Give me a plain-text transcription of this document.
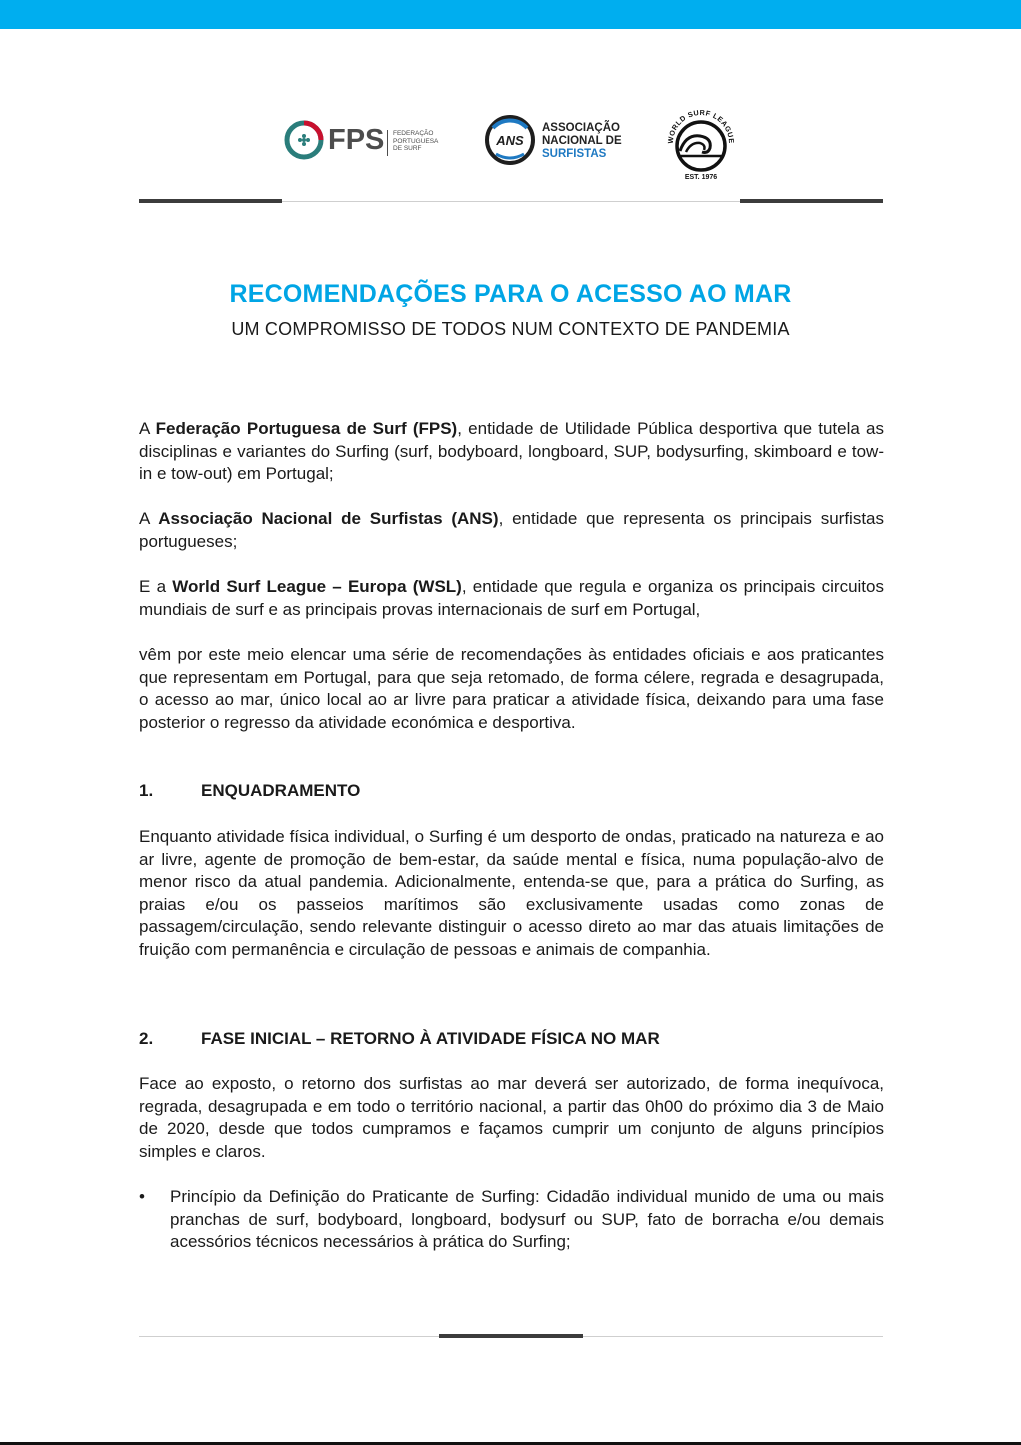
FPS FEDERAÇÃO
PORTUGUESA
DE SURF
ANS
ASSOCIAÇÃO
NACIONAL DE
SURFISTAS
WORLD SURF LEAGUE
EST. 1976
RECOMENDAÇÕES PARA O ACESSO AO MAR
UM COMPROMISSO DE TODOS NUM CONTEXTO DE PANDEMIA

A Federação Portuguesa de Surf (FPS), entidade de Utilidade Pública desportiva que tutela as disciplinas e variantes do Surfing (surf, bodyboard, longboard, SUP, bodysurfing, skimboard e tow-in e tow-out) em Portugal;

A Associação Nacional de Surfistas (ANS), entidade que representa os principais surfistas portugueses;

E a World Surf League – Europa (WSL), entidade que regula e organiza os principais circuitos mundiais de surf e as principais provas internacionais de surf em Portugal,

vêm por este meio elencar uma série de recomendações às entidades oficiais e aos praticantes que representam em Portugal, para que seja retomado, de forma célere, regrada e desagrupada, o acesso ao mar, único local ao ar livre para praticar a atividade física, deixando para uma fase posterior o regresso da atividade económica e desportiva.

1.	ENQUADRAMENTO

Enquanto atividade física individual, o Surfing é um desporto de ondas, praticado na natureza e ao ar livre, agente de promoção de bem-estar, da saúde mental e física, numa população-alvo de menor risco da atual pandemia. Adicionalmente, entenda-se que, para a prática do Surfing, as praias e/ou os passeios marítimos são exclusivamente usadas como zonas de passagem/circulação, sendo relevante distinguir o acesso direto ao mar das atuais limitações de fruição com permanência e circulação de pessoas e animais de companhia.

2.	FASE INICIAL – RETORNO À ATIVIDADE FÍSICA NO MAR

Face ao exposto, o retorno dos surfistas ao mar deverá ser autorizado, de forma inequívoca, regrada, desagrupada e em todo o território nacional, a partir das 0h00 do próximo dia 3 de Maio de 2020, desde que todos cumpramos e façamos cumprir um conjunto de alguns princípios simples e claros.

• Princípio da Definição do Praticante de Surfing: Cidadão individual munido de uma ou mais pranchas de surf, bodyboard, longboard, bodysurf ou SUP, fato de borracha e/ou demais acessórios técnicos necessários à prática do Surfing;
